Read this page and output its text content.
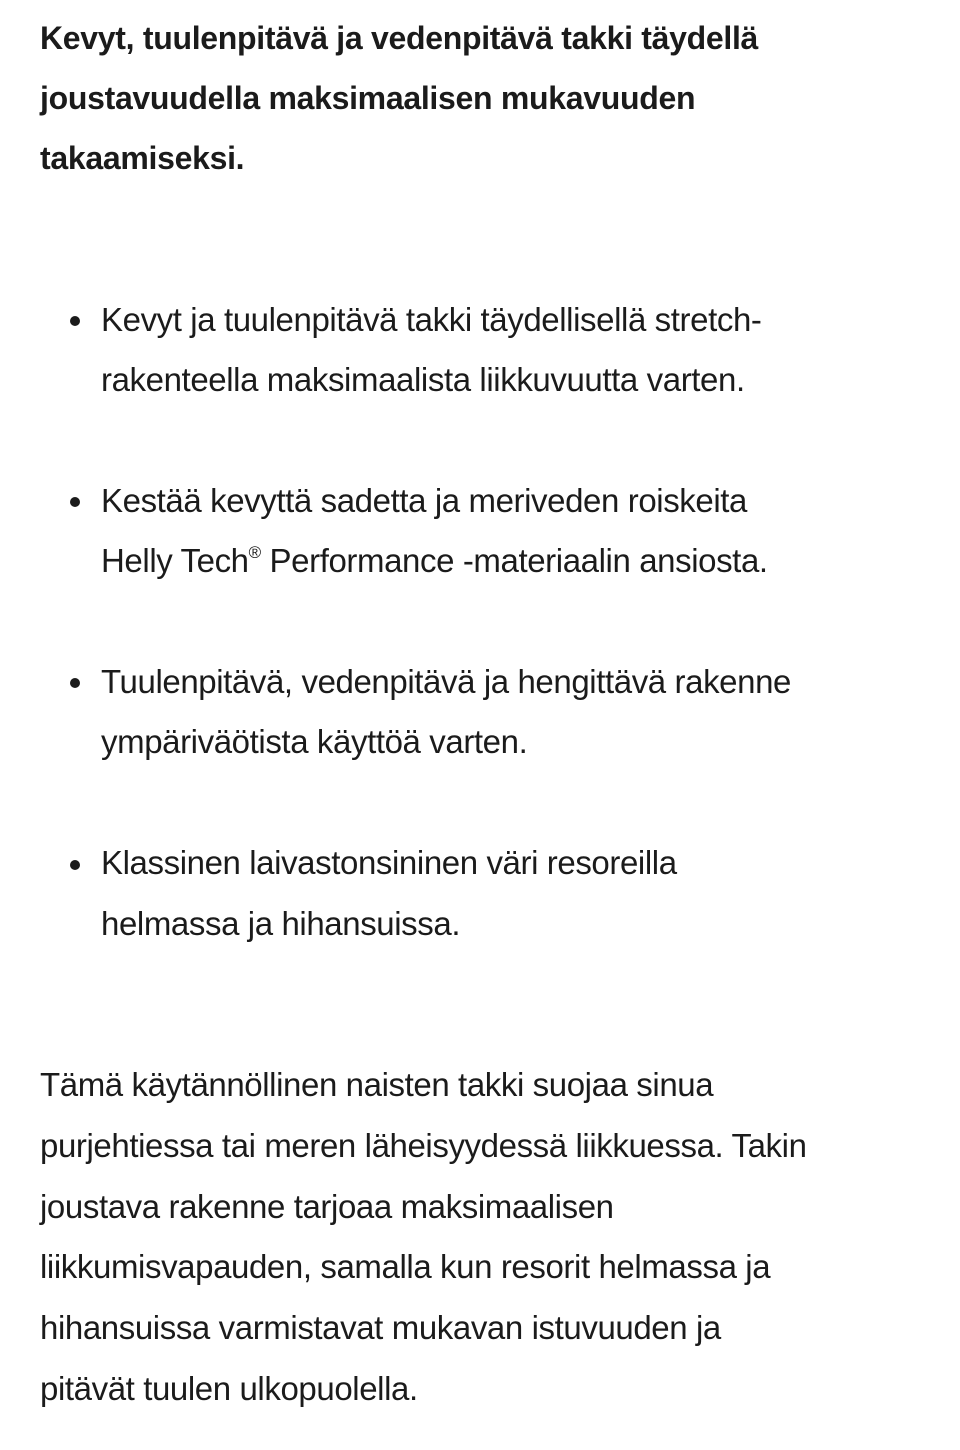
Kevyt, tuulenpitävä ja vedenpitävä takki täydellä
joustavuudella maksimaalisen mukavuuden
takaamiseksi.
Kevyt ja tuulenpitävä takki täydellisellä stretch-
rakenteella maksimaalista liikkuvuutta varten.
Kestää kevyttä sadetta ja meriveden roiskeita
Helly Tech® Performance -materiaalin ansiosta.
Tuulenpitävä, vedenpitävä ja hengittävä rakenne
ympäriväötista käyttöä varten.
Klassinen laivastonsininen väri resoreilla
helmassa ja hihansuissa.
Tämä käytännöllinen naisten takki suojaa sinua
purjehtiessa tai meren läheisyydessä liikkuessa. Takin
joustava rakenne tarjoaa maksimaalisen
liikkumisvapauden, samalla kun resorit helmassa ja
hihansuissa varmistavat mukavan istuvuuden ja
pitävät tuulen ulkopuolella.
